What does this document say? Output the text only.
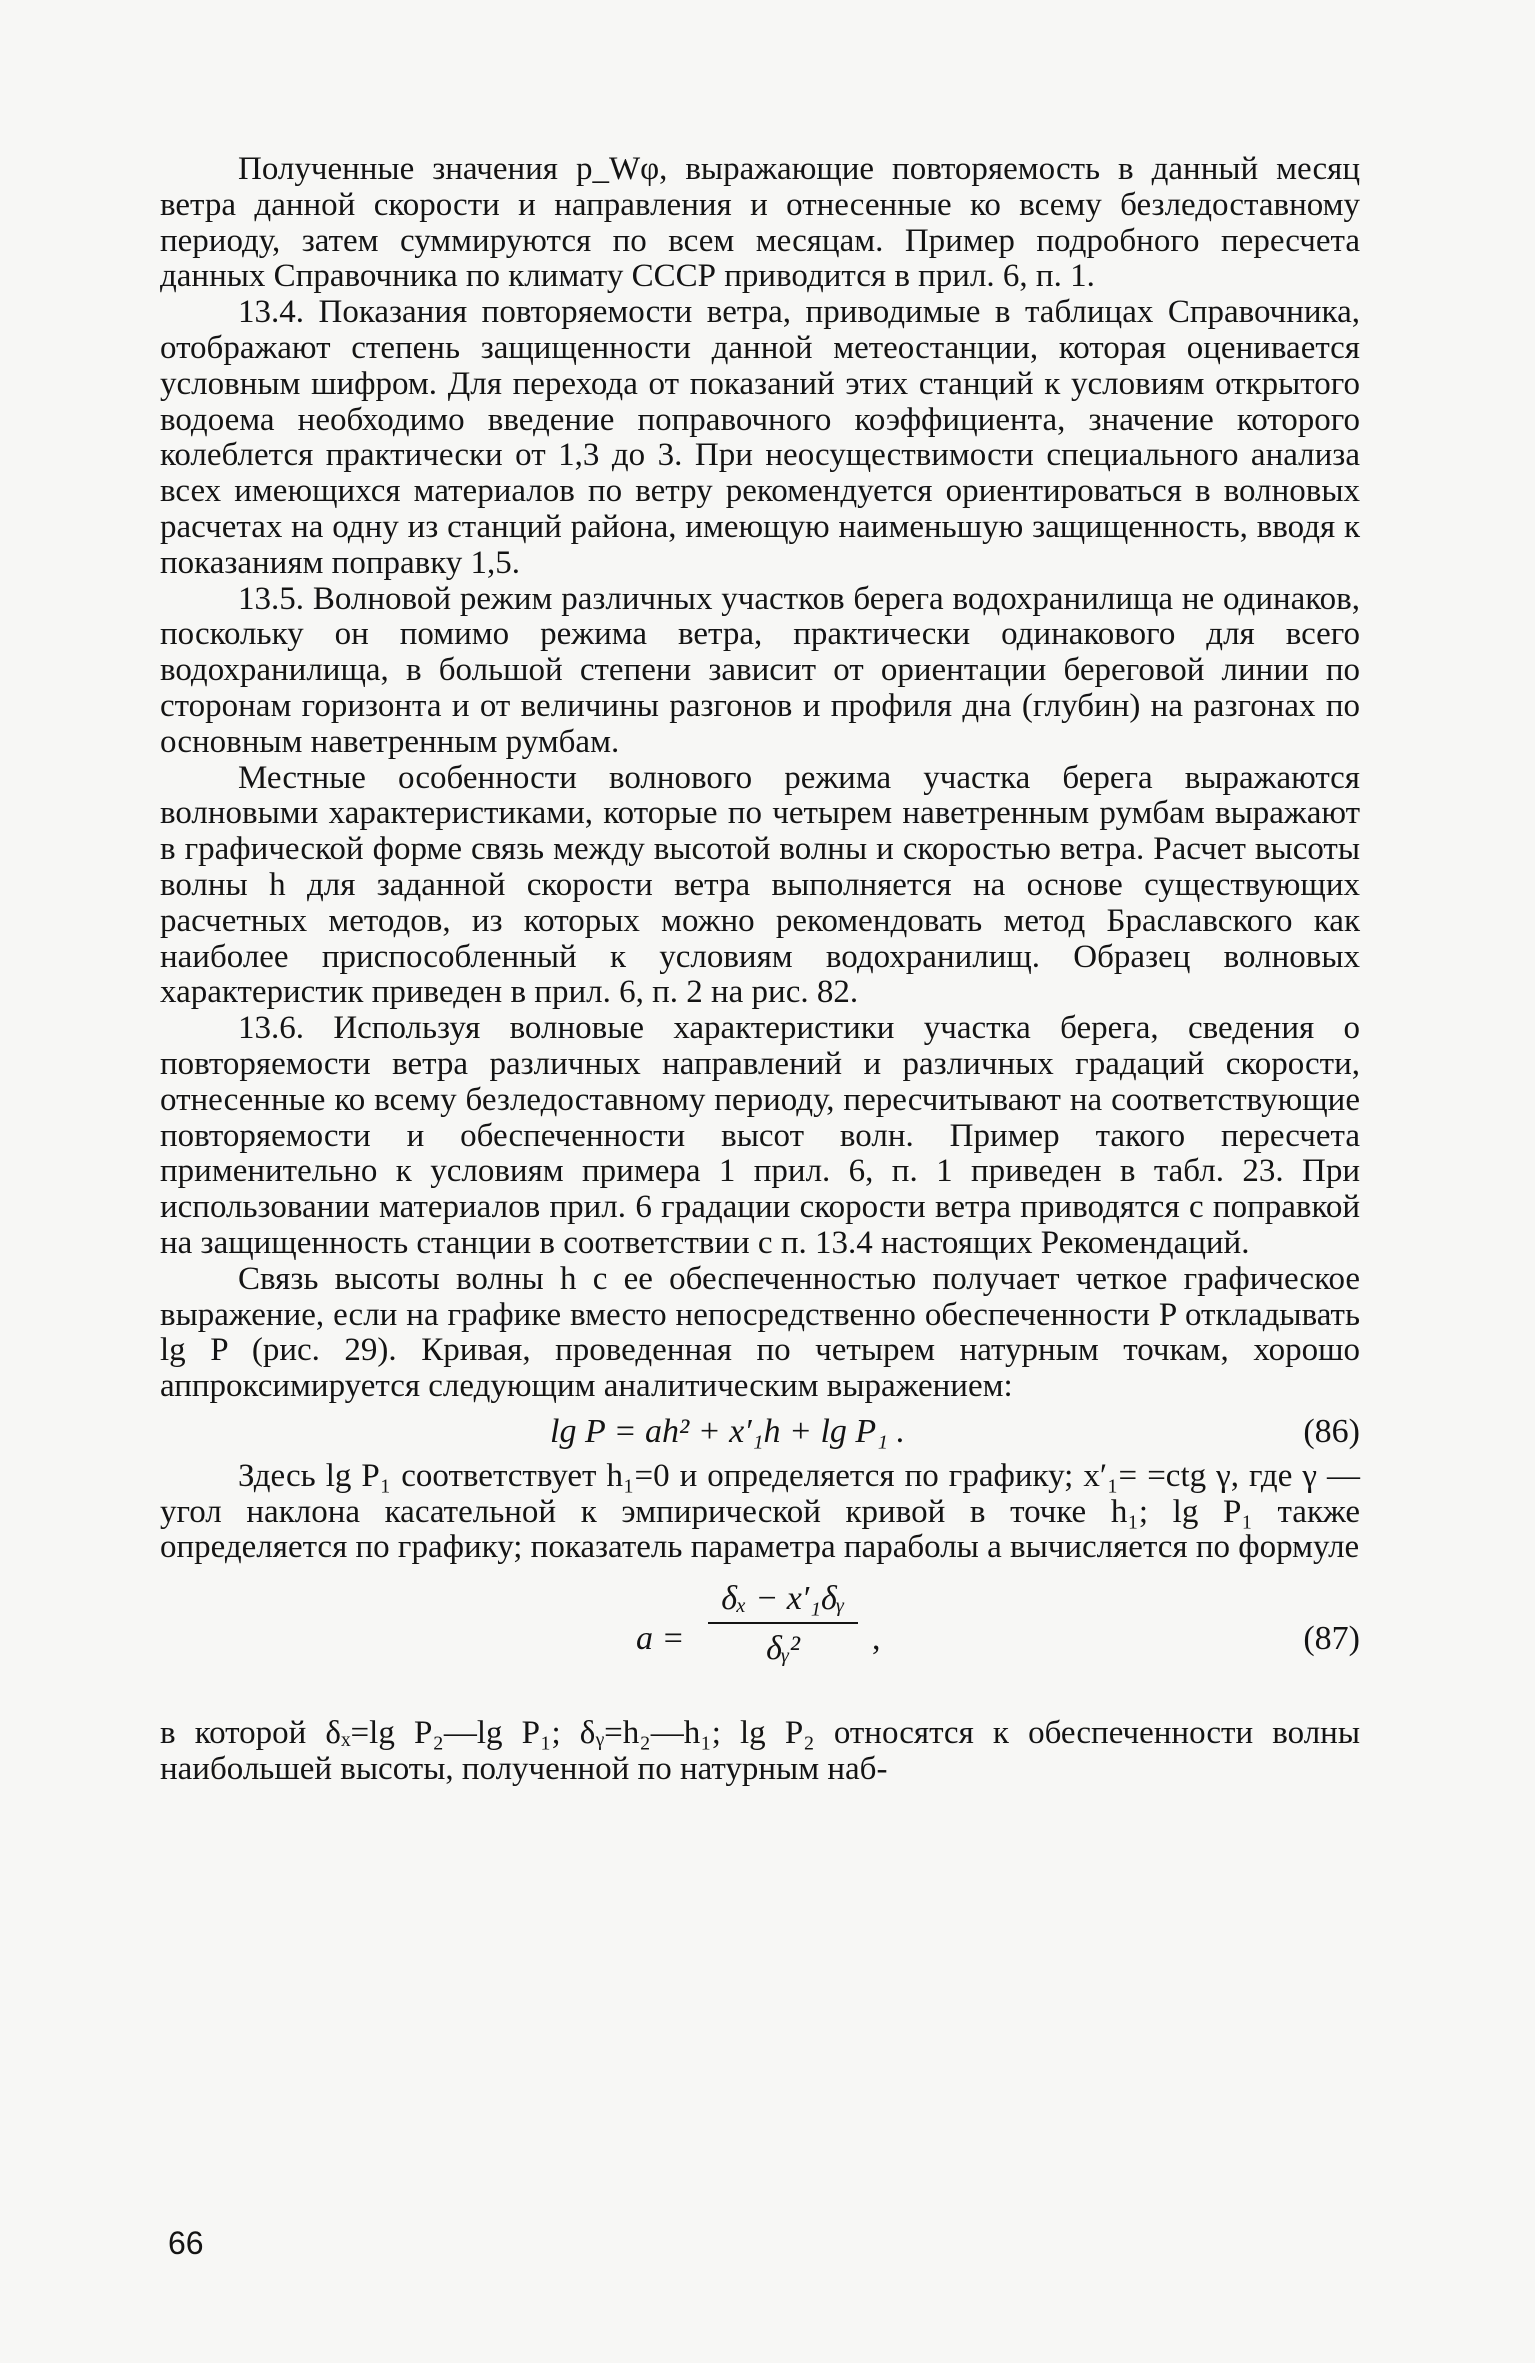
Полученные значения p_Wφ, выражающие повторяемость в данный месяц ветра данной скорости и направления и отнесенные ко всему безледоставному периоду, затем суммируются по всем месяцам. Пример подробного пересчета данных Справочника по климату СССР приводится в прил. 6, п. 1.

13.4. Показания повторяемости ветра, приводимые в таблицах Справочника, отображают степень защищенности данной метеостанции, которая оценивается условным шифром. Для перехода от показаний этих станций к условиям открытого водоема необходимо введение поправочного коэффициента, значение которого колеблется практически от 1,3 до 3. При неосуществимости специального анализа всех имеющихся материалов по ветру рекомендуется ориентироваться в волновых расчетах на одну из станций района, имеющую наименьшую защищенность, вводя к показаниям поправку 1,5.

13.5. Волновой режим различных участков берега водохранилища не одинаков, поскольку он помимо режима ветра, практически одинакового для всего водохранилища, в большой степени зависит от ориентации береговой линии по сторонам горизонта и от величины разгонов и профиля дна (глубин) на разгонах по основным наветренным румбам.

Местные особенности волнового режима участка берега выражаются волновыми характеристиками, которые по четырем наветренным румбам выражают в графической форме связь между высотой волны и скоростью ветра. Расчет высоты волны h для заданной скорости ветра выполняется на основе существующих расчетных методов, из которых можно рекомендовать метод Браславского как наиболее приспособленный к условиям водохранилищ. Образец волновых характеристик приведен в прил. 6, п. 2 на рис. 82.

13.6. Используя волновые характеристики участка берега, сведения о повторяемости ветра различных направлений и различных градаций скорости, отнесенные ко всему безледоставному периоду, пересчитывают на соответствующие повторяемости и обеспеченности высот волн. Пример такого пересчета применительно к условиям примера 1 прил. 6, п. 1 приведен в табл. 23. При использовании материалов прил. 6 градации скорости ветра приводятся с поправкой на защищенность станции в соответствии с п. 13.4 настоящих Рекомендаций.

Связь высоты волны h с ее обеспеченностью получает четкое графическое выражение, если на графике вместо непосредственно обеспеченности P откладывать lg P (рис. 29). Кривая, проведенная по четырем натурным точкам, хорошо аппроксимируется следующим аналитическим выражением:

lg P = ah² + x′₁h + lg P₁ .	(86)

Здесь lg P₁ соответствует h₁=0 и определяется по графику; x′₁= =ctg γ, где γ — угол наклона касательной к эмпирической кривой в точке h₁; lg P₁ также определяется по графику; показатель параметра параболы a вычисляется по формуле

a =
δₓ − x′₁δᵧ
δᵧ²	,	(87)

в которой δₓ=lg P₂—lg P₁; δᵧ=h₂—h₁; lg P₂ относятся к обеспеченности волны наибольшей высоты, полученной по натурным наб-

66
